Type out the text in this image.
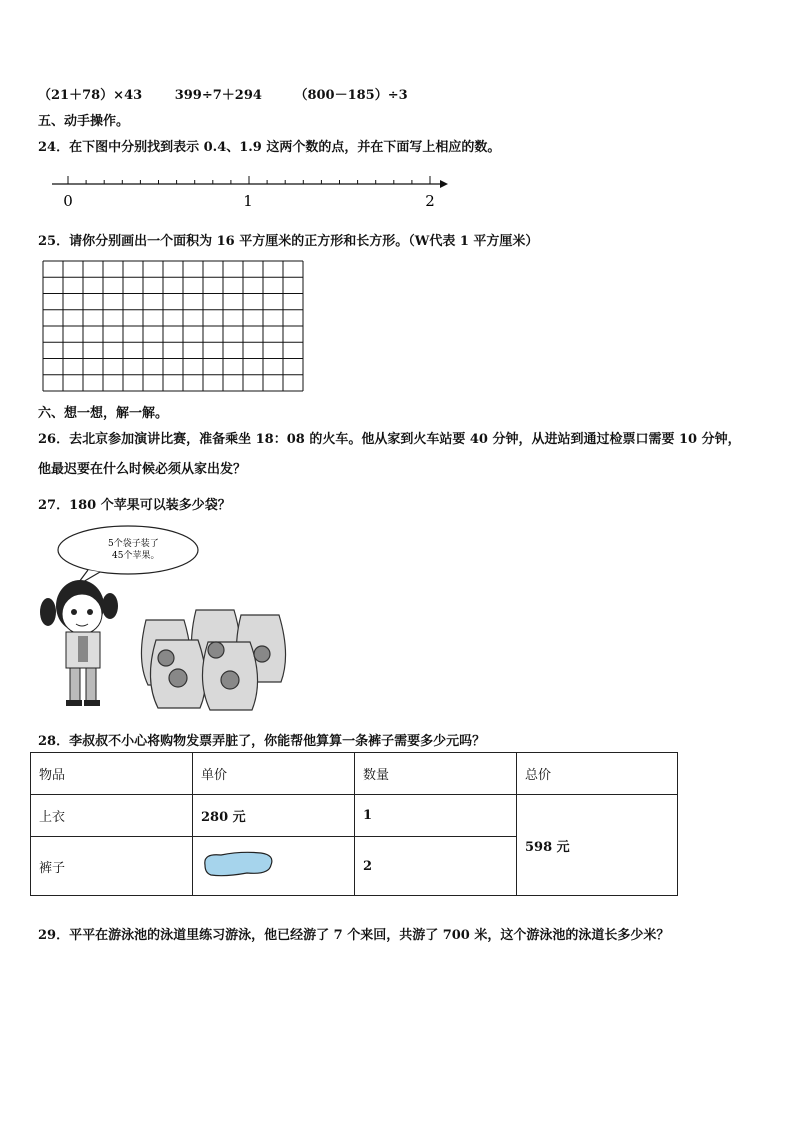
（21＋78）×43	399÷7＋294	（800－185）÷3
五、动手操作。
24．在下图中分别找到表示 0.4、1.9 这两个数的点，并在下面写上相应的数。
0	1	2
25．请你分别画出一个面积为 16 平方厘米的正方形和长方形。（W代表 1 平方厘米）
六、想一想，解一解。
26．去北京参加演讲比赛，准备乘坐 18：08 的火车。他从家到火车站要 40 分钟，从进站到通过检票口需要 10 分钟，
他最迟要在什么时候必须从家出发？
27．180 个苹果可以装多少袋？
5个袋子装了
45个苹果。
28．李叔叔不小心将购物发票弄脏了，你能帮他算算一条裤子需要多少元吗？
物品	单价	数量	总价
上衣	280 元	1	598 元
裤子		2	
29．平平在游泳池的泳道里练习游泳，他已经游了 7 个来回，共游了 700 米，这个游泳池的泳道长多少米？
